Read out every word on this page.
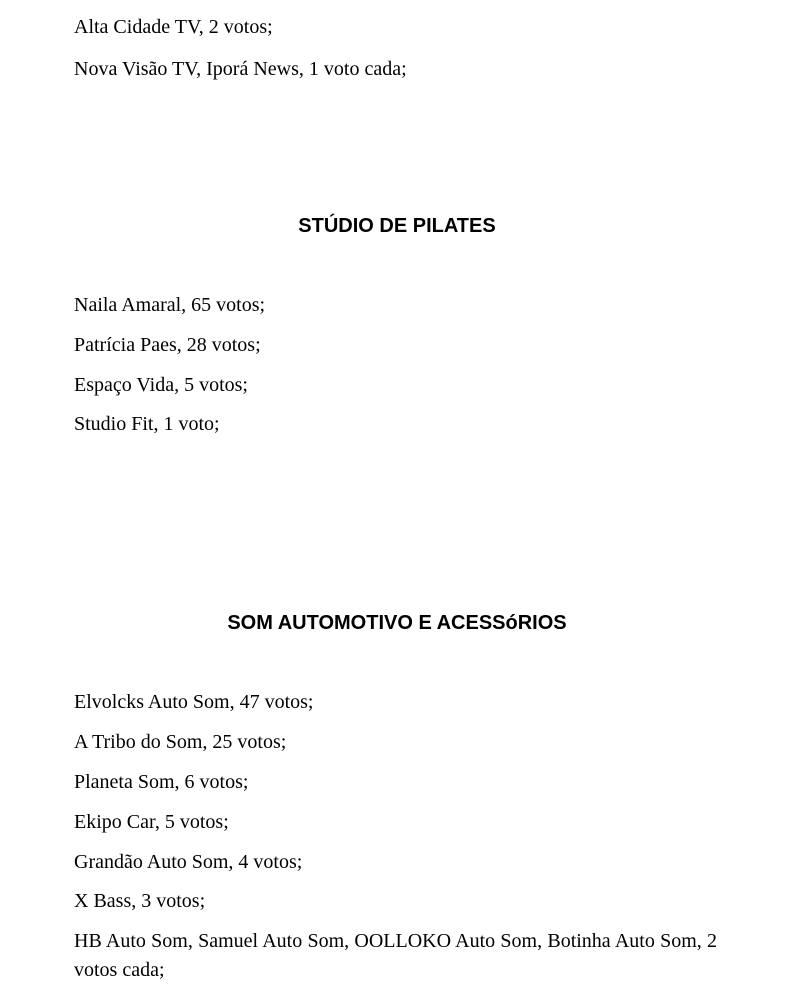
Alta Cidade TV, 2 votos;

Nova Visão TV, Iporá News, 1 voto cada;

STÚDIO DE PILATES

Naila Amaral, 65 votos;

Patrícia Paes, 28 votos;

Espaço Vida, 5 votos;

Studio Fit, 1 voto;

SOM AUTOMOTIVO E ACESSóRIOS

Elvolcks Auto Som, 47 votos;

A Tribo do Som, 25 votos;

Planeta Som, 6 votos;

Ekipo Car, 5 votos;

Grandão Auto Som, 4 votos;

X Bass, 3 votos;

HB Auto Som, Samuel Auto Som, OOLLOKO Auto Som, Botinha Auto Som, 2 votos cada;
